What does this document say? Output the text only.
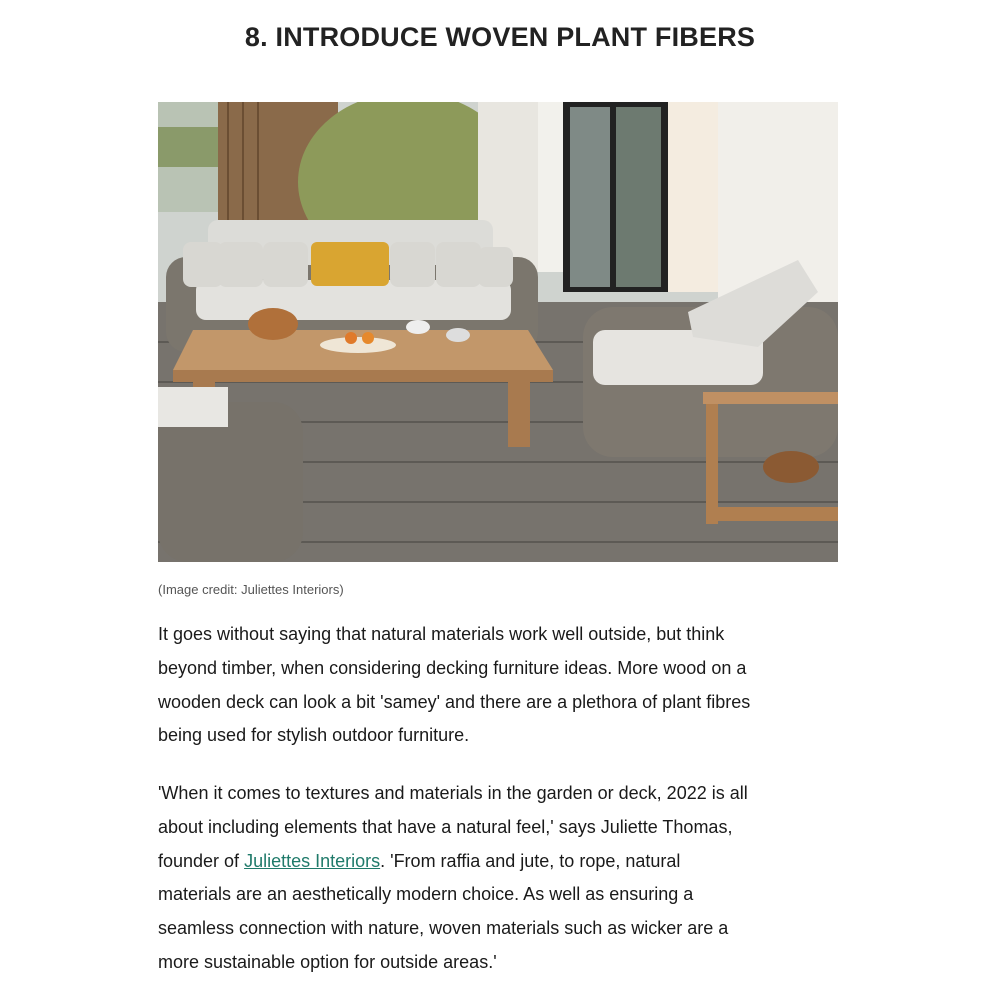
8. INTRODUCE WOVEN PLANT FIBERS
(Image credit: Juliettes Interiors)
It goes without saying that natural materials work well outside, but think
beyond timber, when considering decking furniture ideas. More wood on a
wooden deck can look a bit 'samey' and there are a plethora of plant fibres
being used for stylish outdoor furniture.
'When it comes to textures and materials in the garden or deck, 2022 is all
about including elements that have a natural feel,' says Juliette Thomas,
founder of Juliettes Interiors. 'From raffia and jute, to rope, natural
materials are an aesthetically modern choice. As well as ensuring a
seamless connection with nature, woven materials such as wicker are a
more sustainable option for outside areas.'
